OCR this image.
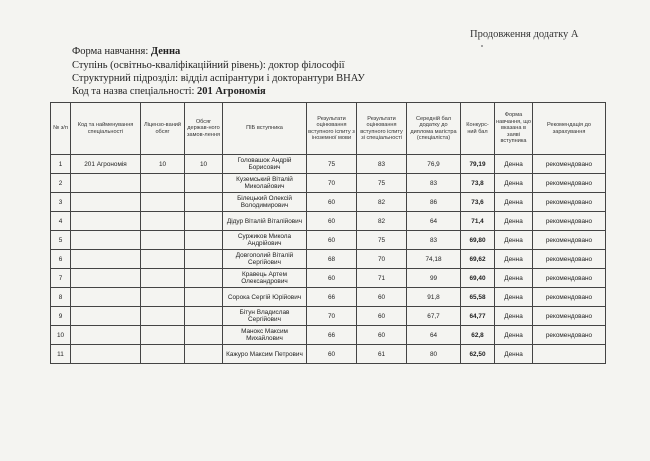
Продовження додатку А
Форма навчання: Денна
Ступінь (освітньо-кваліфікаційний рівень): доктор філософії
Структурний підрозділ: відділ аспірантури і докторантури ВНАУ
Код та назва спеціальності: 201 Агрономія
№ з/п	Код та найменування спеціальності	Ліцензо-ваний обсяг	Обсяг держав-ного замов-лення	ПІБ вступника	Результати оцінювання вступного іспиту з іноземної мови	Результати оцінювання вступного іспиту зі спеціальності	Середній бал додатку до диплома магістра (спеціаліста)	Конкурс-ний бал	Форма навчання, що вказана в заяві вступника	Рекомендація до зарахування
1	201 Агрономія	10	10	Головашок Андрій Борисович	75	83	76,9	79,19	Денна	рекомендовано
2				Куземський Віталій Миколайович	70	75	83	73,8	Денна	рекомендовано
3				Білецький Олексій Володимирович	60	82	86	73,6	Денна	рекомендовано
4				Дідур Віталій Віталійович	60	82	64	71,4	Денна	рекомендовано
5				Суржиков Микола Андрійович	60	75	83	69,80	Денна	рекомендовано
6				Довгополий Віталій Сергійович	68	70	74,18	69,62	Денна	рекомендовано
7				Кравець Артем Олександрович	60	71	99	69,40	Денна	рекомендовано
8				Сорока Сергій Юрійович	66	60	91,8	65,58	Денна	рекомендовано
9				Бітун Владислав Сергійович	70	60	67,7	64,77	Денна	рекомендовано
10				Манокс Максим Михайлович	66	60	64	62,8	Денна	рекомендовано
11				Кажуро Максим Петрович	60	61	80	62,50	Денна	
